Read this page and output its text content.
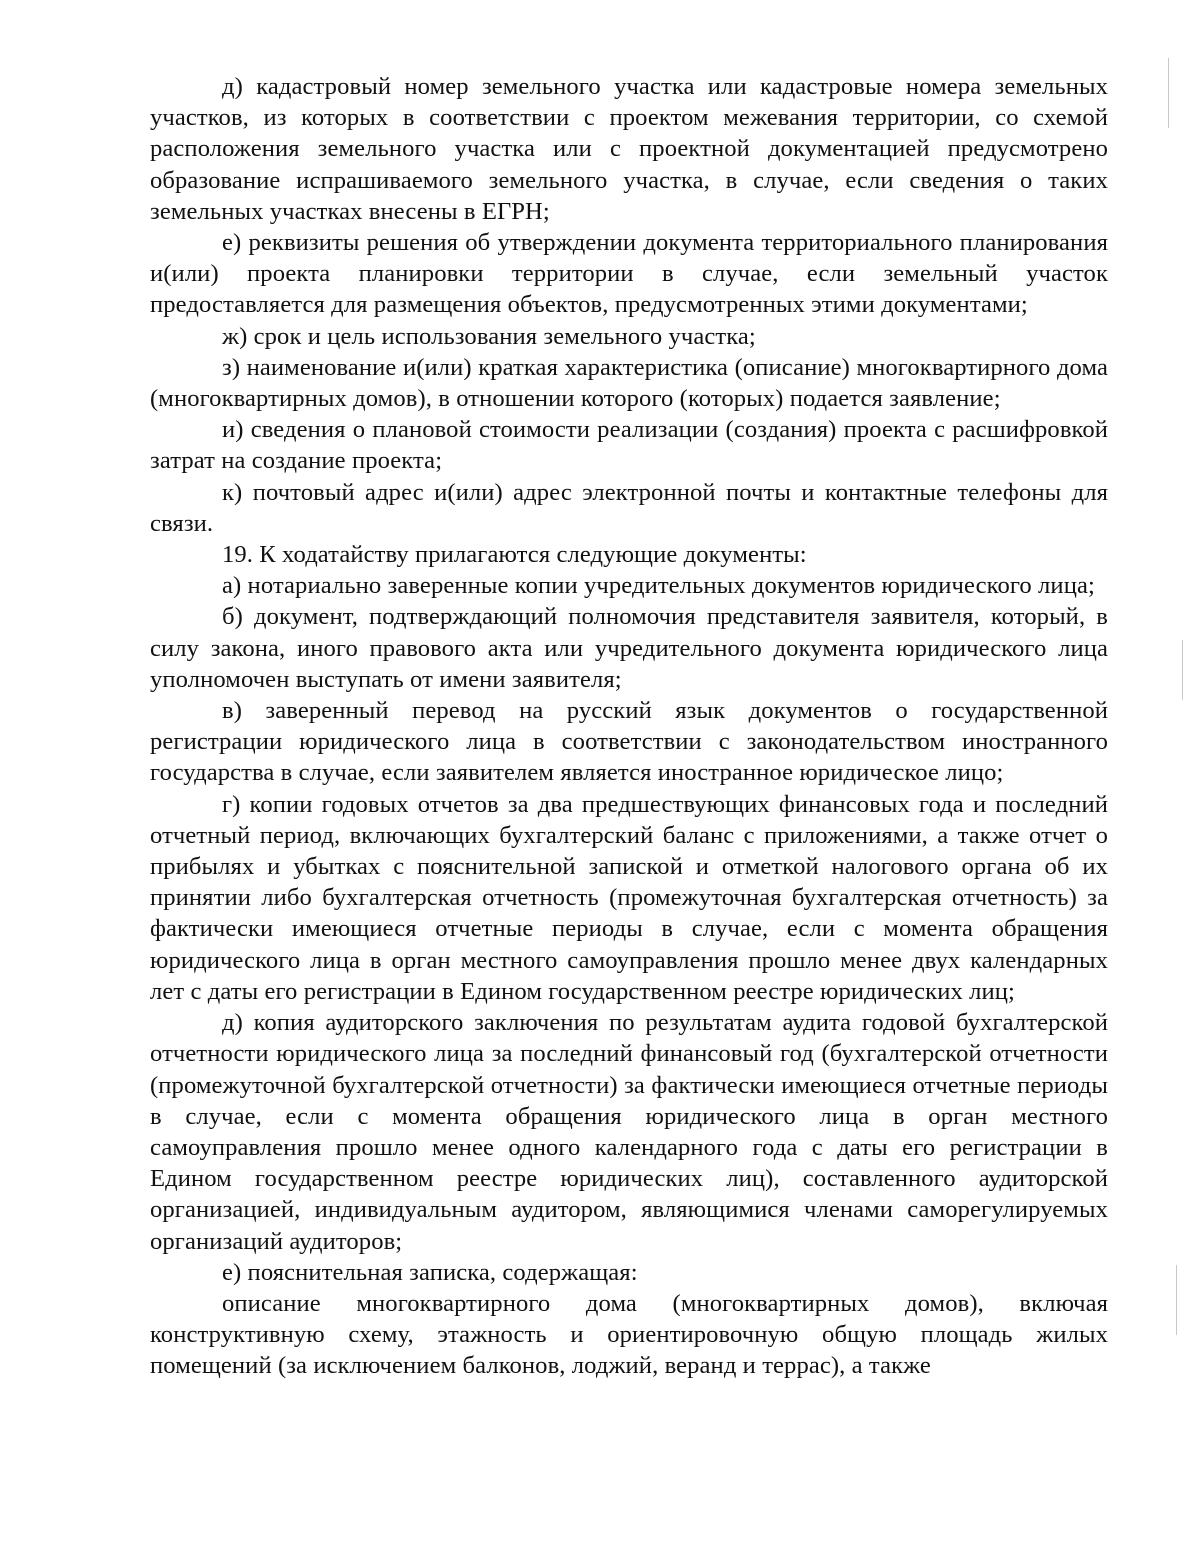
д) кадастровый номер земельного участка или кадастровые номера земельных участков, из которых в соответствии с проектом межевания территории, со схемой расположения земельного участка или с проектной документацией предусмотрено образование испрашиваемого земельного участка, в случае, если сведения о таких земельных участках внесены в ЕГРН;

е) реквизиты решения об утверждении документа территориального планирования и(или) проекта планировки территории в случае, если земельный участок предоставляется для размещения объектов, предусмотренных этими документами;

ж) срок и цель использования земельного участка;

з) наименование и(или) краткая характеристика (описание) многоквартирного дома (многоквартирных домов), в отношении которого (которых) подается заявление;

и) сведения о плановой стоимости реализации (создания) проекта с расшифровкой затрат на создание проекта;

к) почтовый адрес и(или) адрес электронной почты и контактные телефоны для связи.

19. К ходатайству прилагаются следующие документы:

а) нотариально заверенные копии учредительных документов юридического лица;

б) документ, подтверждающий полномочия представителя заявителя, который, в силу закона, иного правового акта или учредительного документа юридического лица уполномочен выступать от имени заявителя;

в) заверенный перевод на русский язык документов о государственной регистрации юридического лица в соответствии с законодательством иностранного государства в случае, если заявителем является иностранное юридическое лицо;

г) копии годовых отчетов за два предшествующих финансовых года и последний отчетный период, включающих бухгалтерский баланс с приложениями, а также отчет о прибылях и убытках с пояснительной запиской и отметкой налогового органа об их принятии либо бухгалтерская отчетность (промежуточная бухгалтерская отчетность) за фактически имеющиеся отчетные периоды в случае, если с момента обращения юридического лица в орган местного самоуправления прошло менее двух календарных лет с даты его регистрации в Едином государственном реестре юридических лиц;

д) копия аудиторского заключения по результатам аудита годовой бухгалтерской отчетности юридического лица за последний финансовый год (бухгалтерской отчетности (промежуточной бухгалтерской отчетности) за фактически имеющиеся отчетные периоды в случае, если с момента обращения юридического лица в орган местного самоуправления прошло менее одного календарного года с даты его регистрации в Едином государственном реестре юридических лиц), составленного аудиторской организацией, индивидуальным аудитором, являющимися членами саморегулируемых организаций аудиторов;

е) пояснительная записка, содержащая:

описание многоквартирного дома (многоквартирных домов), включая конструктивную схему, этажность и ориентировочную общую площадь жилых помещений (за исключением балконов, лоджий, веранд и террас), а также
